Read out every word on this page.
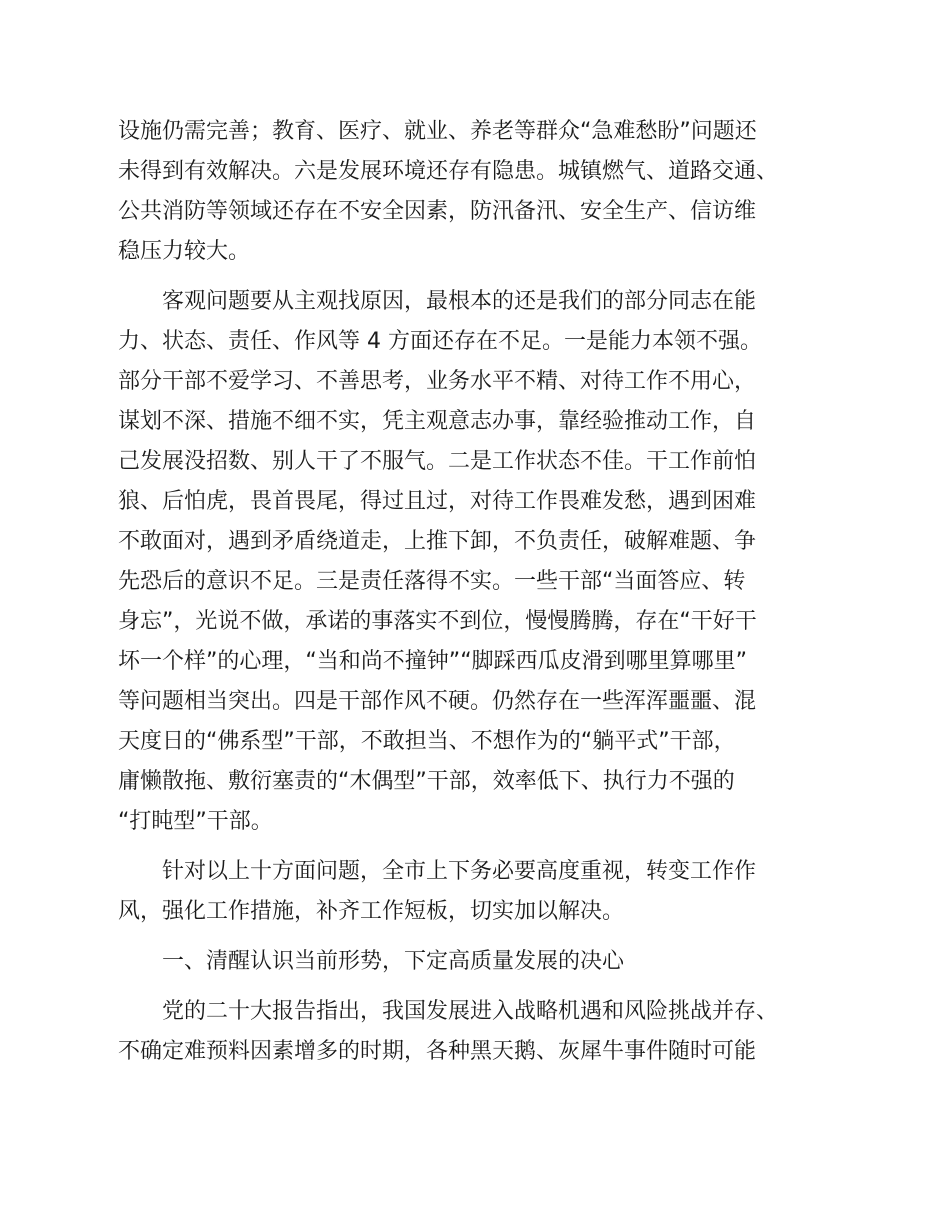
设施仍需完善；教育、医疗、就业、养老等群众“急难愁盼”问题还
未得到有效解决。六是发展环境还存有隐患。城镇燃气、道路交通、
公共消防等领域还存在不安全因素，防汛备汛、安全生产、信访维
稳压力较大。
客观问题要从主观找原因，最根本的还是我们的部分同志在能
力、状态、责任、作风等 4 方面还存在不足。一是能力本领不强。
部分干部不爱学习、不善思考，业务水平不精、对待工作不用心，
谋划不深、措施不细不实，凭主观意志办事，靠经验推动工作，自
己发展没招数、别人干了不服气。二是工作状态不佳。干工作前怕
狼、后怕虎，畏首畏尾，得过且过，对待工作畏难发愁，遇到困难
不敢面对，遇到矛盾绕道走，上推下卸，不负责任，破解难题、争
先恐后的意识不足。三是责任落得不实。一些干部“当面答应、转
身忘”，光说不做，承诺的事落实不到位，慢慢腾腾，存在“干好干
坏一个样”的心理，“当和尚不撞钟”“脚踩西瓜皮滑到哪里算哪里”
等问题相当突出。四是干部作风不硬。仍然存在一些浑浑噩噩、混
天度日的“佛系型”干部，不敢担当、不想作为的“躺平式”干部，
庸懒散拖、敷衍塞责的“木偶型”干部，效率低下、执行力不强的
“打盹型”干部。
针对以上十方面问题，全市上下务必要高度重视，转变工作作
风，强化工作措施，补齐工作短板，切实加以解决。
一、清醒认识当前形势，下定高质量发展的决心
党的二十大报告指出，我国发展进入战略机遇和风险挑战并存、
不确定难预料因素增多的时期，各种黑天鹅、灰犀牛事件随时可能
